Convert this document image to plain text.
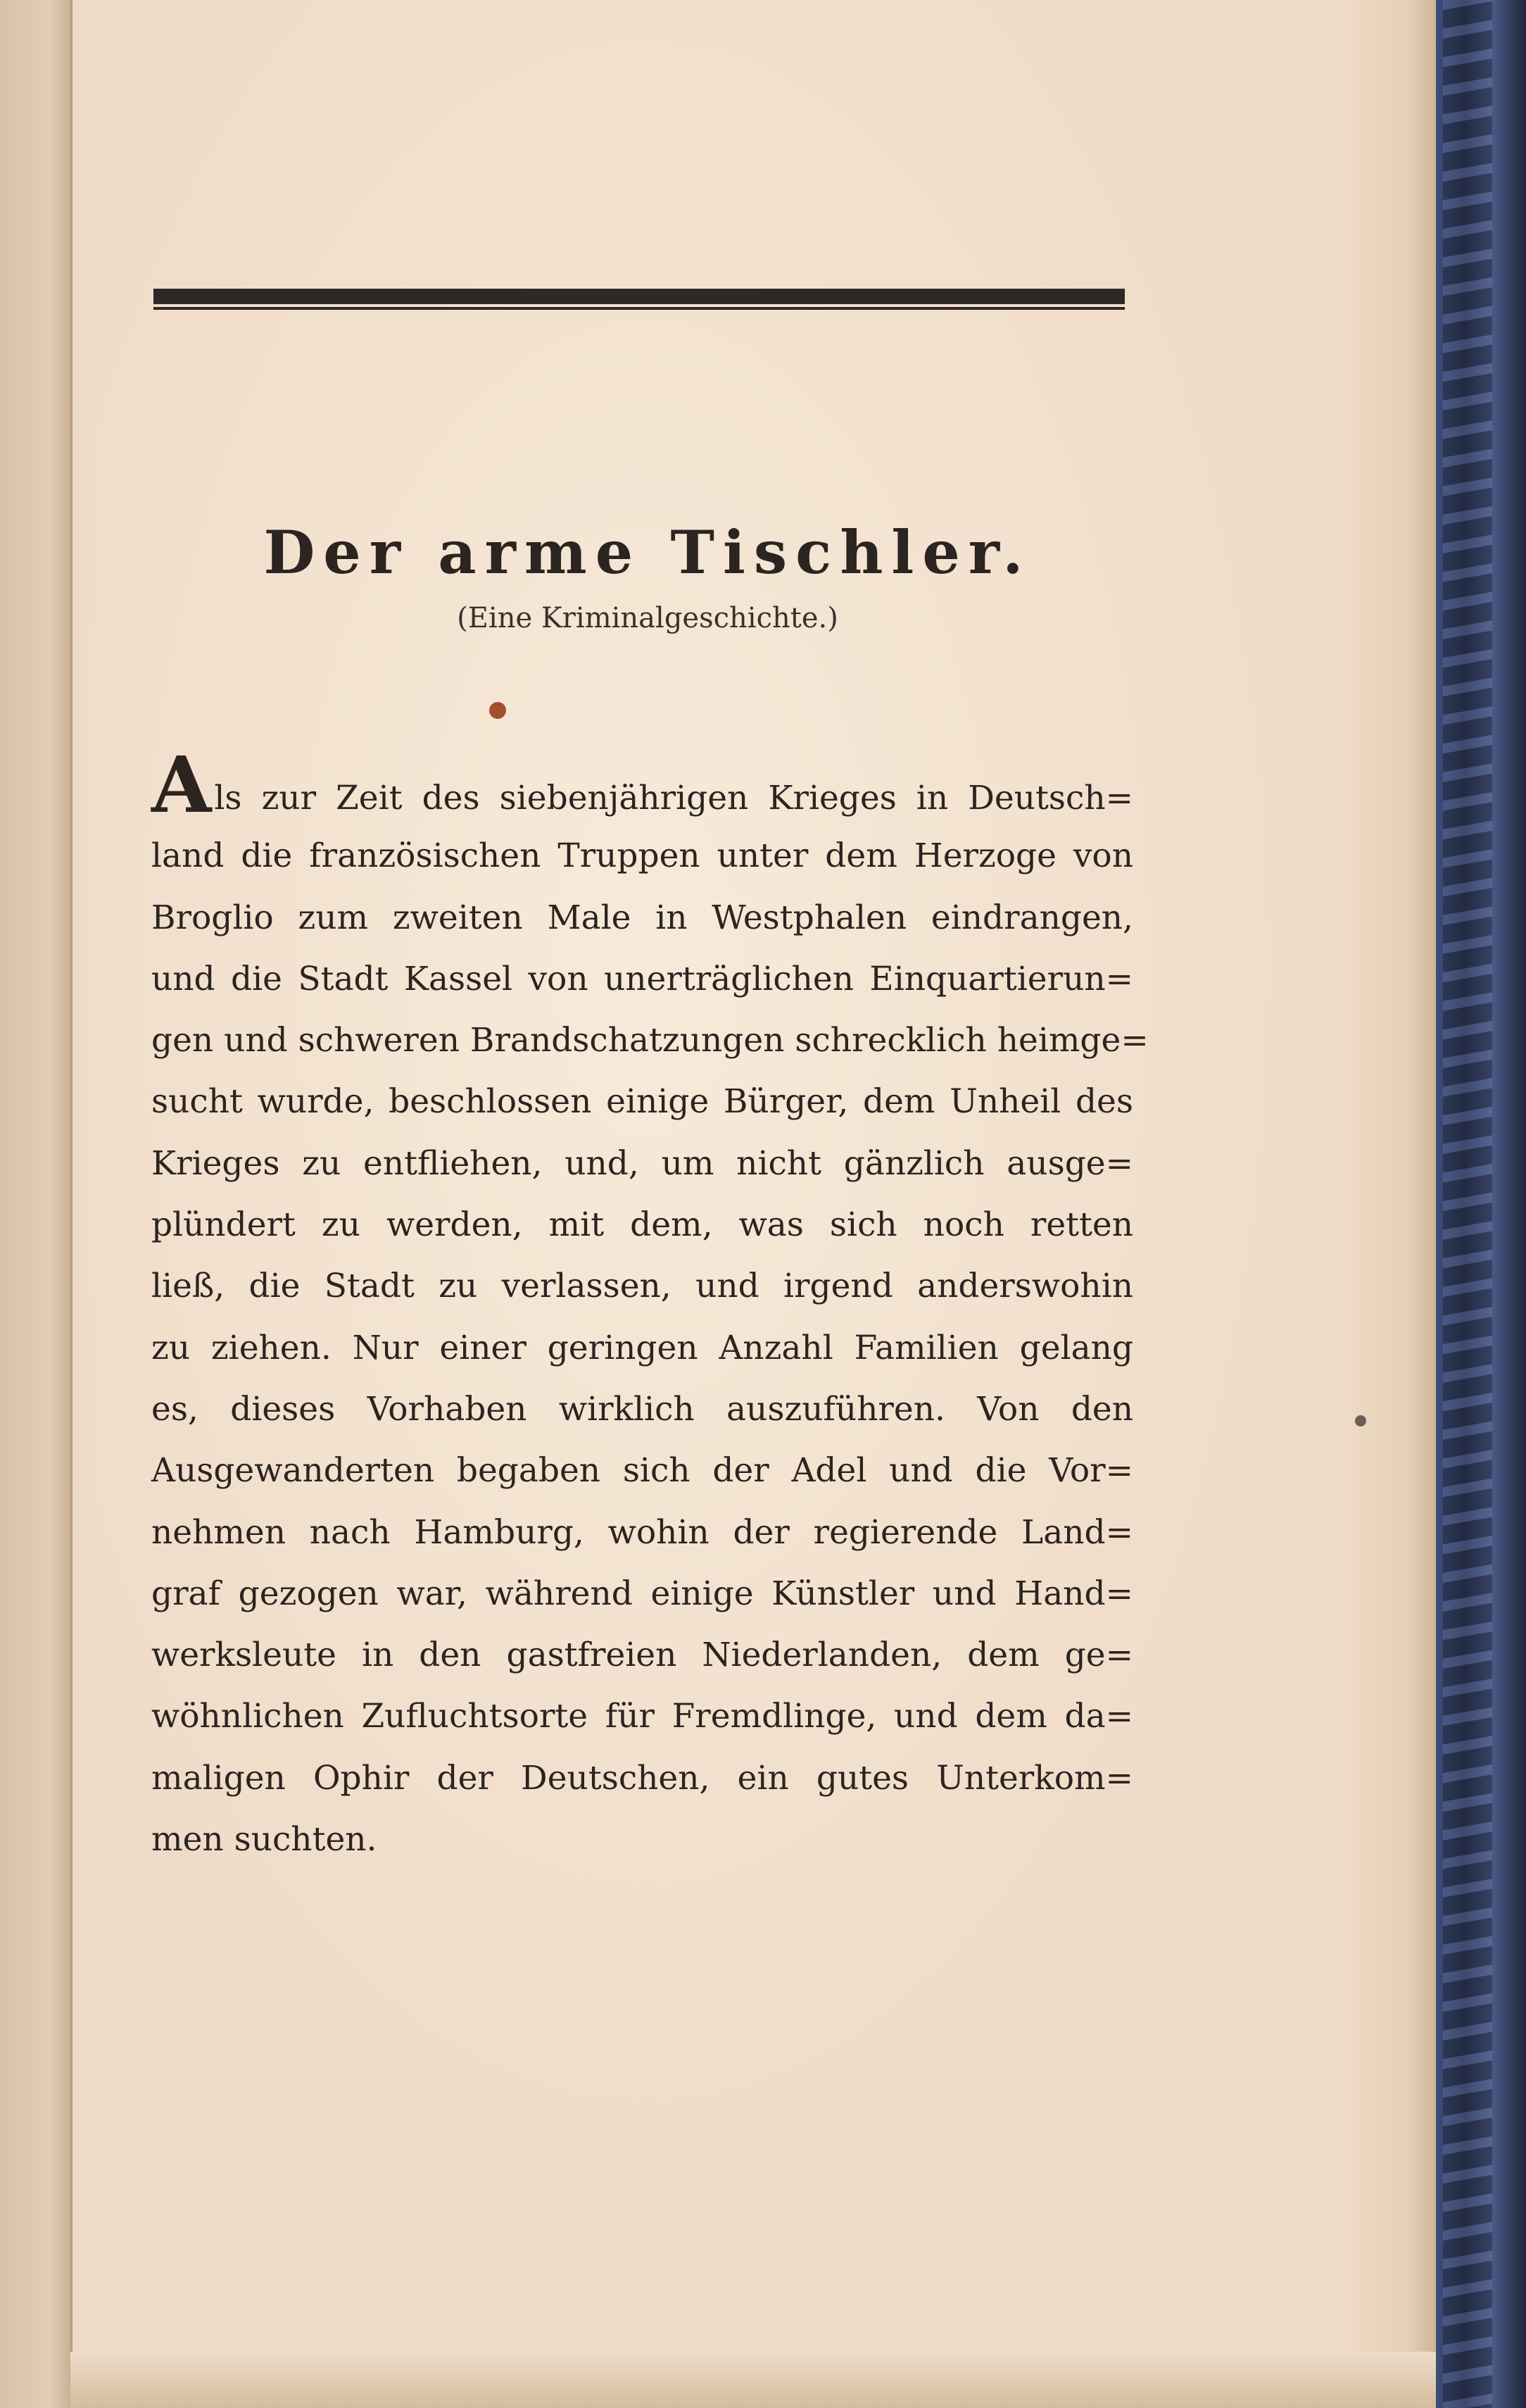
Der arme Tischler.
(Eine Kriminalgeschichte.)
Als zur Zeit des siebenjährigen Krieges in Deutsch=
land die französischen Truppen unter dem Herzoge von
Broglio zum zweiten Male in Westphalen eindrangen,
und die Stadt Kassel von unerträglichen Einquartierun=
gen und schweren Brandschatzungen schrecklich heimge=
sucht wurde, beschlossen einige Bürger, dem Unheil des
Krieges zu entfliehen, und, um nicht gänzlich ausge=
plündert zu werden, mit dem, was sich noch retten
ließ, die Stadt zu verlassen, und irgend anderswohin
zu ziehen. Nur einer geringen Anzahl Familien gelang
es, dieses Vorhaben wirklich auszuführen. Von den
Ausgewanderten begaben sich der Adel und die Vor=
nehmen nach Hamburg, wohin der regierende Land=
graf gezogen war, während einige Künstler und Hand=
werksleute in den gastfreien Niederlanden, dem ge=
wöhnlichen Zufluchtsorte für Fremdlinge, und dem da=
maligen Ophir der Deutschen, ein gutes Unterkom=
men suchten.
